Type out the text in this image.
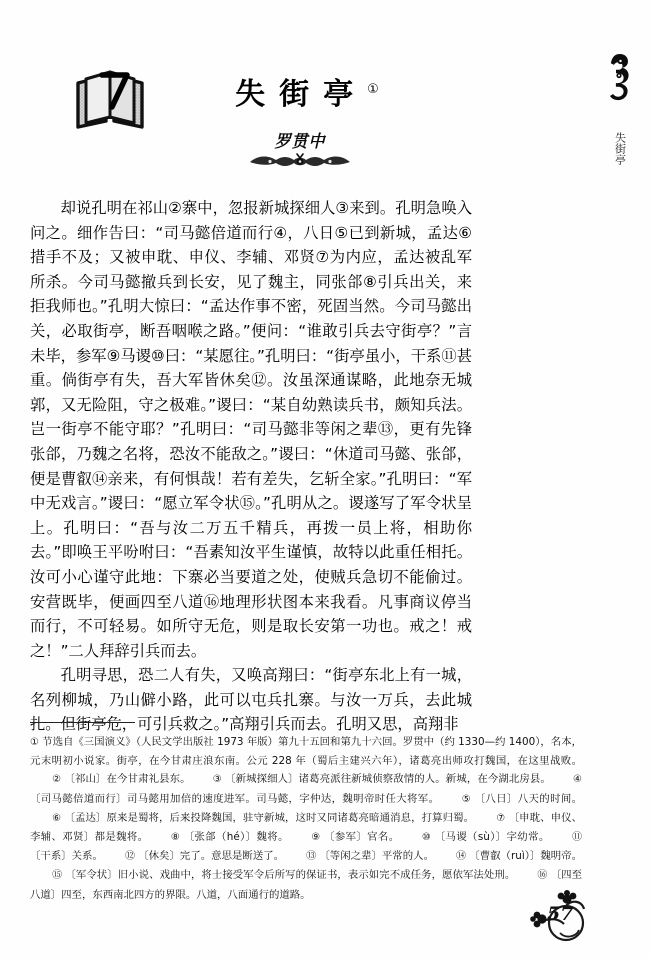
失街亭
失街亭①
罗贯中

却说孔明在祁山②寨中，忽报新城探细人③来到。孔明急唤入问之。细作告曰：“司马懿倍道而行④，八日⑤已到新城，孟达⑥措手不及；又被申耽、申仪、李辅、邓贤⑦为内应，孟达被乱军所杀。今司马懿撤兵到长安，见了魏主，同张郃⑧引兵出关，来拒我师也。”孔明大惊曰：“孟达作事不密，死固当然。今司马懿出关，必取街亭，断吾咽喉之路。”便问：“谁敢引兵去守街亭？”言未毕，参军⑨马谡⑩曰：“某愿往。”孔明曰：“街亭虽小，干系⑪甚重。倘街亭有失，吾大军皆休矣⑫。汝虽深通谋略，此地奈无城郭，又无险阻，守之极难。”谡曰：“某自幼熟读兵书，颇知兵法。岂一街亭不能守耶？”孔明曰：“司马懿非等闲之辈⑬，更有先锋张郃，乃魏之名将，恐汝不能敌之。”谡曰：“休道司马懿、张郃，便是曹叡⑭亲来，有何惧哉！若有差失，乞斩全家。”孔明曰：“军中无戏言。”谡曰：“愿立军令状⑮。”孔明从之。谡遂写了军令状呈上。孔明曰：“吾与汝二万五千精兵，再拨一员上将，相助你去。”即唤王平吩咐曰：“吾素知汝平生谨慎，故特以此重任相托。汝可小心谨守此地：下寨必当要道之处，使贼兵急切不能偷过。安营既毕，便画四至八道⑯地理形状图本来我看。凡事商议停当而行，不可轻易。如所守无危，则是取长安第一功也。戒之！戒之！”二人拜辞引兵而去。

孔明寻思，恐二人有失，又唤高翔曰：“街亭东北上有一城，名列柳城，乃山僻小路，此可以屯兵扎寨。与汝一万兵，去此城扎。但街亭危，可引兵救之。”高翔引兵而去。孔明又思，高翔非

① 节选自《三国演义》（人民文学出版社 1973 年版）第九十五回和第九十六回。罗贯中（约 1330—约 1400），名本，元末明初小说家。街亭，在今甘肃庄浪东南。公元 228 年（蜀后主建兴六年），诸葛亮出师攻打魏国，在这里战败。② 〔祁山〕在今甘肃礼县东。 ③ 〔新城探细人〕诸葛亮派往新城侦察敌情的人。新城，在今湖北房县。 ④ 〔司马懿倍道而行〕司马懿用加倍的速度进军。司马懿，字仲达，魏明帝时任大将军。 ⑤ 〔八日〕八天的时间。⑥ 〔孟达〕原来是蜀将，后来投降魏国，驻守新城，这时又同诸葛亮暗通消息，打算归蜀。 ⑦ 〔申耽、申仪、李辅、邓贤〕都是魏将。 ⑧ 〔张郃（hé）〕魏将。 ⑨ 〔参军〕官名。 ⑩ 〔马谡（sù）〕字幼常。 ⑪ 〔干系〕关系。 ⑫ 〔休矣〕完了。意思是断送了。 ⑬ 〔等闲之辈〕平常的人。 ⑭ 〔曹叡（ruì）〕魏明帝。⑮ 〔军令状〕旧小说、戏曲中，将士接受军令后所写的保证书，表示如完不成任务，愿依军法处刑。 ⑯ 〔四至八道〕四至，东西南北四方的界限。八道，八面通行的道路。
57
